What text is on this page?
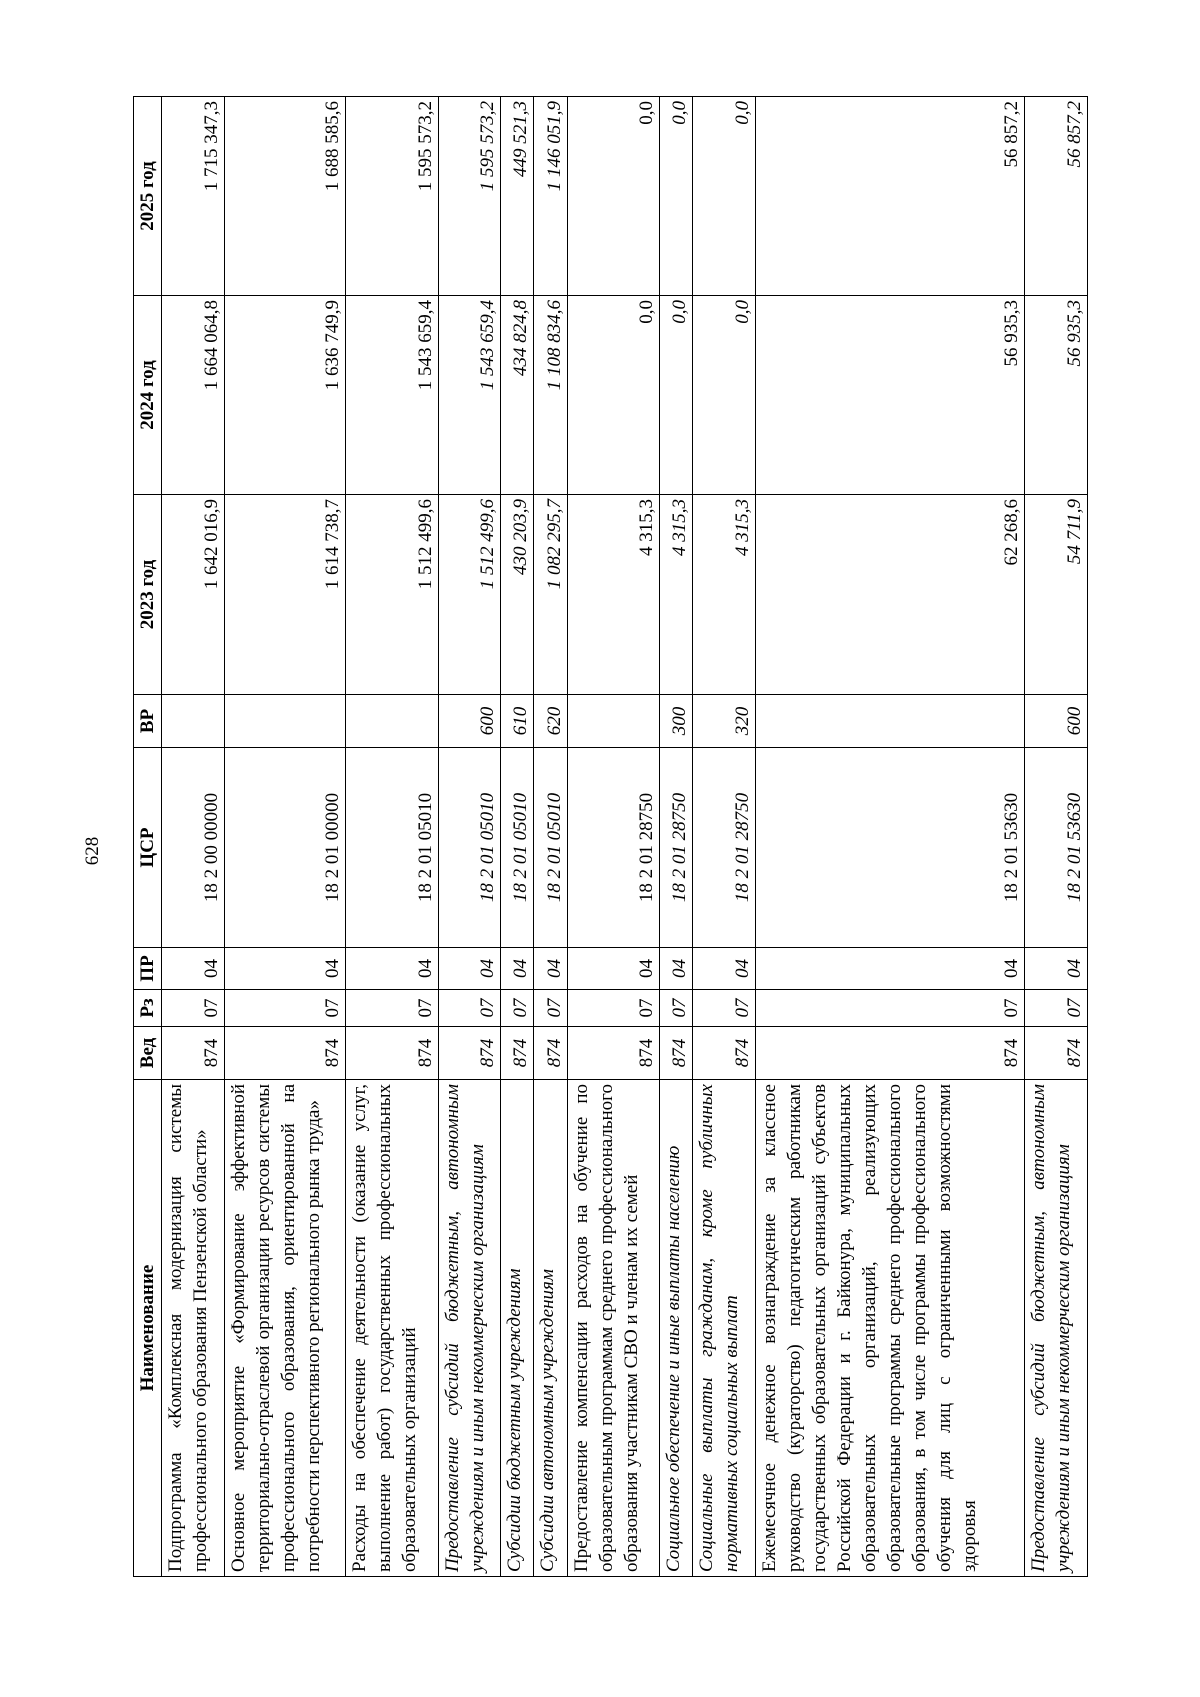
628
Наименование	Вед	Рз	ПР	ЦСР	ВР	2023 год	2024 год	2025 год
Подпрограмма «Комплексная модернизация системы профессионального образования Пензенской области»	874	07	04	18 2 00 00000		1 642 016,9	1 664 064,8	1 715 347,3
Основное мероприятие «Формирование эффективной территориально-отраслевой организации ресурсов системы профессионального образования, ориентированной на потребности перспективного регионального рынка труда»	874	07	04	18 2 01 00000		1 614 738,7	1 636 749,9	1 688 585,6
Расходы на обеспечение деятельности (оказание услуг, выполнение работ) государственных профессиональных образовательных организаций	874	07	04	18 2 01 05010		1 512 499,6	1 543 659,4	1 595 573,2
Предоставление субсидий бюджетным, автономным учреждениям и иным некоммерческим организациям	874	07	04	18 2 01 05010	600	1 512 499,6	1 543 659,4	1 595 573,2
Субсидии бюджетным учреждениям	874	07	04	18 2 01 05010	610	430 203,9	434 824,8	449 521,3
Субсидии автономным учреждениям	874	07	04	18 2 01 05010	620	1 082 295,7	1 108 834,6	1 146 051,9
Предоставление компенсации расходов на обучение по образовательным программам среднего профессионального образования участникам СВО и членам их семей	874	07	04	18 2 01 28750		4 315,3	0,0	0,0
Социальное обеспечение и иные выплаты населению	874	07	04	18 2 01 28750	300	4 315,3	0,0	0,0
Социальные выплаты гражданам, кроме публичных нормативных социальных выплат	874	07	04	18 2 01 28750	320	4 315,3	0,0	0,0
Ежемесячное денежное вознаграждение за классное руководство (кураторство) педагогическим работникам государственных образовательных организаций субъектов Российской Федерации и г. Байконура, муниципальных образовательных организаций, реализующих образовательные программы среднего профессионального образования, в том числе программы профессионального обучения для лиц с ограниченными возможностями здоровья	874	07	04	18 2 01 53630		62 268,6	56 935,3	56 857,2
Предоставление субсидий бюджетным, автономным учреждениям и иным некоммерческим организациям	874	07	04	18 2 01 53630	600	54 711,9	56 935,3	56 857,2
